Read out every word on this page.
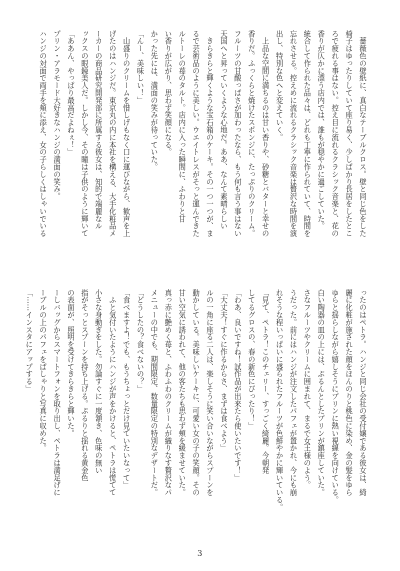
　薔薇色の壁紙に、真白なテーブルクロス。壁と同じ色をした
椅子はゆったりしていて座り易く、少しばかり長居をしたとこ
ろで疲れる事はない。控え目に流れるクラシック音楽と、花の
香りが仄かに漂う店内では、誰もが穏やかに過ごしていた。
統合して作られた品々は、どれも丁寧に作られていて、時間を
忘れさせる。控えめに流れるクラシック音楽は贅沢な時間を演
出し、特別な色へと変えていく。
　上品な空間に満ちるのは甘い香りや、砂糖とバターと幸せの
香りだ。ふっくらと焼けたスポンジに、たっぷりのクリーム。
フルーツの甘酸っぱさが加わったなら、もう何も言う事はない
天国へと昇っていくような心地だ。ああ、なんて素晴らしい
　きらきらと輝くような宝石箱のケーキ。その一つ一つが、ま
るで芸術品のように美しい。ウエイトレスがそっと運んできた
ルトーレの苺のタルト。店内に入った瞬間に、ふわりと甘
い香りが広がり、思わず笑顔になる。
かった先には、満面の笑みが待っていた。
「んー、美味しい！」
　山盛りのクリームを惜しげもなく口に運びながら、歓声を上
げたのはハンジだ。東京丸の内に本社を構える、大手化粧品メ
ーカーの商品研究開発部に所属する彼女は、知的で端麗なル
ックスの眼鏡美人だ。しかし今、その瞳は子供のように輝いて
「ああん、やっぱり最高だよねぇ！」
プリン・アラモード大好きなハンジの満面の笑み。
ハンジの対面で両手を頬に添え、女の子らしくはしゃいでいる
ったのはペトラ。ハンジと同じ会社の受付嬢である彼女は、綺
麗に化粧が施された顔をほんのりと桃色に染め、金の髪をゆら
ゆらと揺らしながら嬉しそうにプリンに熱い視線を向けている。
白い陶器の皿の上には、ぷるんとしたプリンが鎮座していた。
さなフルーツやクリームに囲まれて、まるで女王様のよう。
うだった。前にはハンジが注文したパフェが置かれ、今にも崩
れそうな程いっぱいに盛られたフルーツが色鮮やかに輝いている。
「見て、ペトラ！このチェリー、すっごく綺麗。今朝発
してるグロスの、春の新色にぴったり！」
「わあ、良いですね！試作品が出来たら使いたいです！」
「大丈夫！すぐに作るからさ、まずは食べよう」
ルの一角に座る二人は、楽しそうに笑い合いながらスプーンを
動かしている。美味しいケーキに、可愛い女の子の笑顔。その
甘い空気に誘われて、他の客たちも思わず頬を緩ませていた。
真っ赤に艶めく苺と、ふわふわのクリームが織りなす贅沢なパ
メニューの中でも、期間限定、数量限定の特別なデザートだ。
「どうしたの？食べないの？」
「食べますよ！でも、もうちょっとだけ見ていたいなって」
　ふと気付いたようにハンジが声をかけると、ペトラは慌てて
小さな身動ぎをした。勿論すぐに一度頷き、色味の無い
指がそっとスプーンを持ち上げる。ぷるりと揺れる黄金色
の表面が、照明を受けてきらきらと輝いた。
ーしバッグからスマートフォンを取り出し、ペトラは満足げに
ーブルの上のパフェをぱしゃりと写真に収めた。
「……インスタにアップする」
3
